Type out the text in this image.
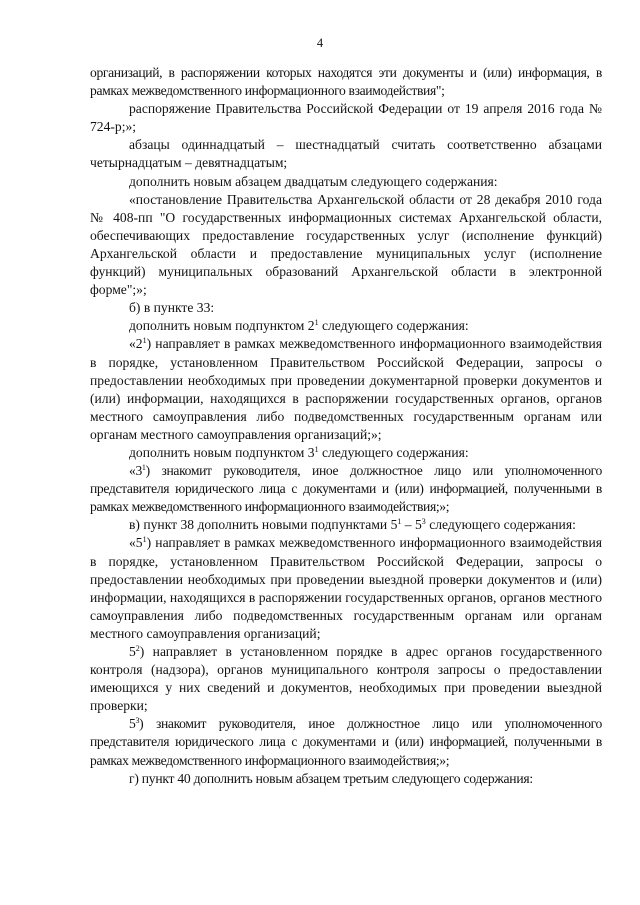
4

организаций, в распоряжении которых находятся эти документы и (или) информация, в рамках межведомственного информационного взаимодействия";

распоряжение Правительства Российской Федерации от 19 апреля 2016 года № 724-р;»;

абзацы одиннадцатый – шестнадцатый считать соответственно абзацами четырнадцатым – девятнадцатым;

дополнить новым абзацем двадцатым следующего содержания:

«постановление Правительства Архангельской области от 28 декабря 2010 года № 408-пп "О государственных информационных системах Архангельской области, обеспечивающих предоставление государственных услуг (исполнение функций) Архангельской области и предоставление муниципальных услуг (исполнение функций) муниципальных образований Архангельской области в электронной форме";»;

б) в пункте 33:

дополнить новым подпунктом $2^1$ следующего содержания:

«$2^1$) направляет в рамках межведомственного информационного взаимодействия в порядке, установленном Правительством Российской Федерации, запросы о предоставлении необходимых при проведении документарной проверки документов и (или) информации, находящихся в распоряжении государственных органов, органов местного самоуправления либо подведомственных государственным органам или органам местного самоуправления организаций;»;

дополнить новым подпунктом $3^1$ следующего содержания:

«$3^1$) знакомит руководителя, иное должностное лицо или уполномоченного представителя юридического лица с документами и (или) информацией, полученными в рамках межведомственного информационного взаимодействия;»;

в) пункт 38 дополнить новыми подпунктами $5^1 - 5^3$ следующего содержания:

«$5^1$) направляет в рамках межведомственного информационного взаимодействия в порядке, установленном Правительством Российской Федерации, запросы о предоставлении необходимых при проведении выездной проверки документов и (или) информации, находящихся в распоряжении государственных органов, органов местного самоуправления либо подведомственных государственным органам или органам местного самоуправления организаций;

$5^2$) направляет в установленном порядке в адрес органов государственного контроля (надзора), органов муниципального контроля запросы о предоставлении имеющихся у них сведений и документов, необходимых при проведении выездной проверки;

$5^3$) знакомит руководителя, иное должностное лицо или уполномоченного представителя юридического лица с документами и (или) информацией, полученными в рамках межведомственного информационного взаимодействия;»;

г) пункт 40 дополнить новым абзацем третьим следующего содержания:
